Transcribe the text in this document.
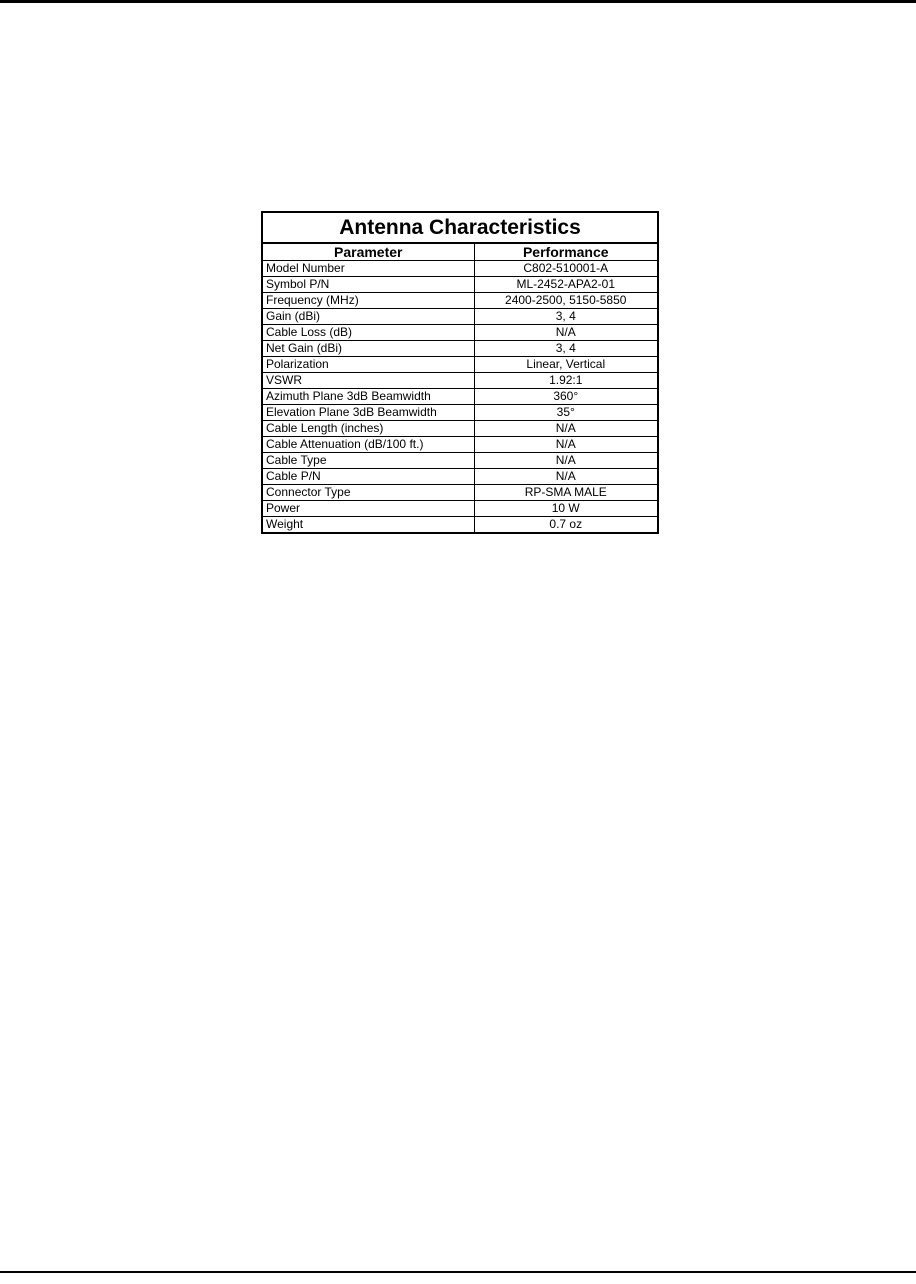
Antenna Characteristics	
Parameter	Performance
Model Number	C802-510001-A
Symbol P/N	ML-2452-APA2-01
Frequency (MHz)	2400-2500, 5150-5850
Gain (dBi)	3, 4
Cable Loss (dB)	N/A
Net Gain (dBi)	3, 4
Polarization	Linear, Vertical
VSWR	1.92:1
Azimuth Plane 3dB Beamwidth	360°
Elevation Plane 3dB Beamwidth	35°
Cable Length (inches)	N/A
Cable Attenuation (dB/100 ft.)	N/A
Cable Type	N/A
Cable P/N	N/A
Connector Type	RP-SMA MALE
Power	10 W
Weight	0.7 oz
